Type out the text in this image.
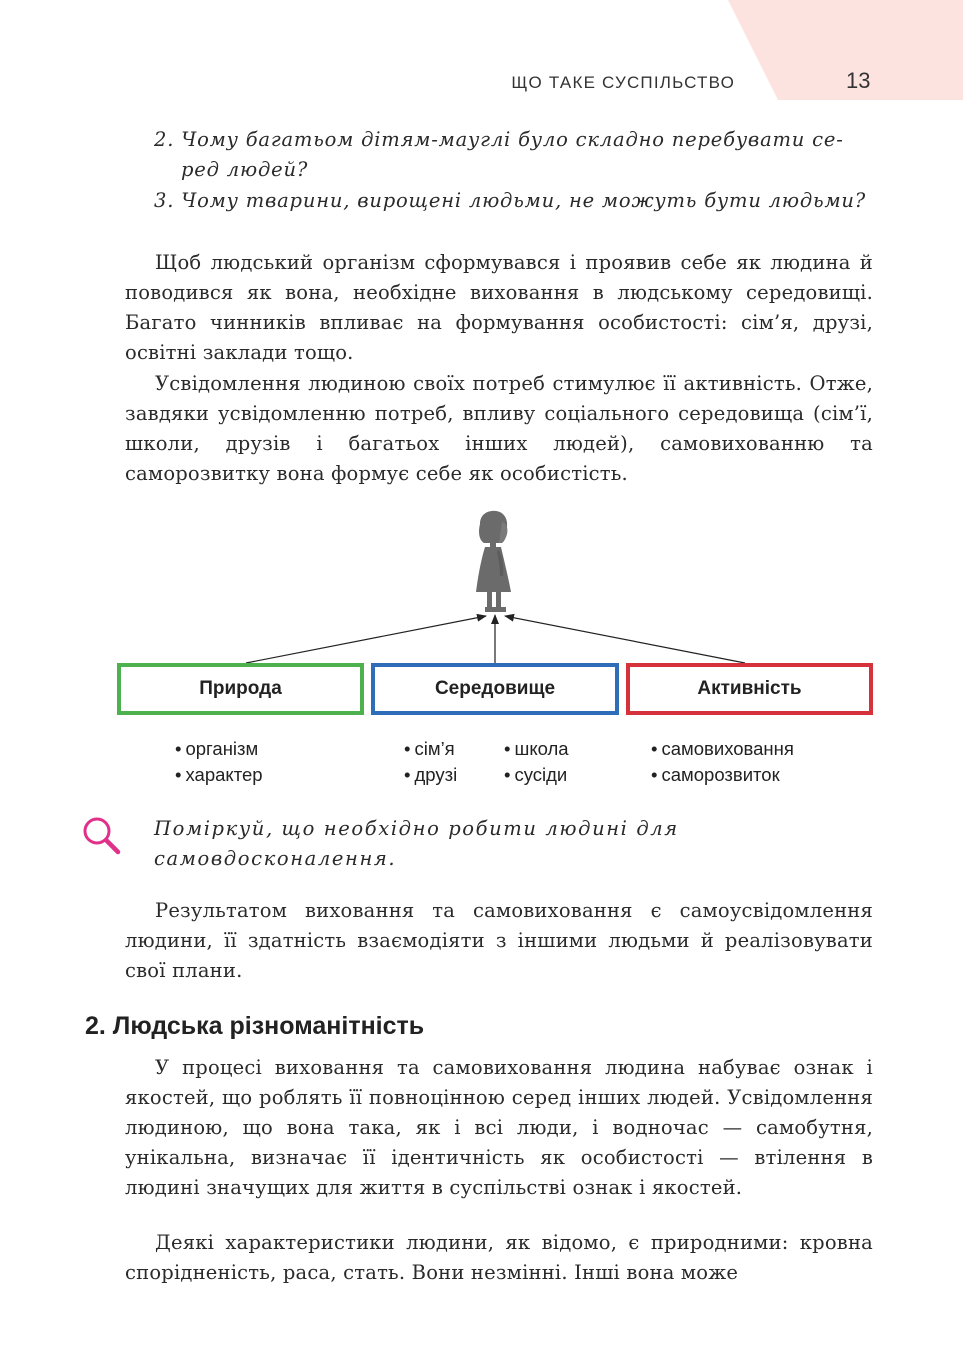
ЩО ТАКЕ СУСПІЛЬСТВО	13
2. Чому багатьом дітям-мауглі було складно перебувати се-
ред людей?
3. Чому тварини, вирощені людьми, не можуть бути людьми?
Щоб людський організм сформувався і проявив себе як людина й поводився як вона, необхідне виховання в людському середовищі. Багато чинників впливає на формування особистості: сім’я, друзі, освітні заклади тощо.
Усвідомлення людиною своїх потреб стимулює її активність. Отже, завдяки усвідомленню потреб, впливу соціального середовища (сім’ї, школи, друзів і багатьох інших людей), самовихованню та саморозвитку вона формує себе як особистість.
Природа	Середовище	Активність
• організм
• характер
• сім’я
• друзі
• школа
• сусіди
• самовиховання
• саморозвиток
Поміркуй, що необхідно робити людині для самовдосконалення.
Результатом виховання та самовиховання є самоусвідомлення людини, її здатність взаємодіяти з іншими людьми й реалізовувати свої плани.
2. Людська різноманітність
У процесі виховання та самовиховання людина набуває ознак і якостей, що роблять її повноцінною серед інших людей. Усвідомлення людиною, що вона така, як і всі люди, і водночас — самобутня, унікальна, визначає її ідентичність як особистості — втілення в людині значущих для життя в суспільстві ознак і якостей.
Деякі характеристики людини, як відомо, є природними: кровна спорідненість, раса, стать. Вони незмінні. Інші вона може
